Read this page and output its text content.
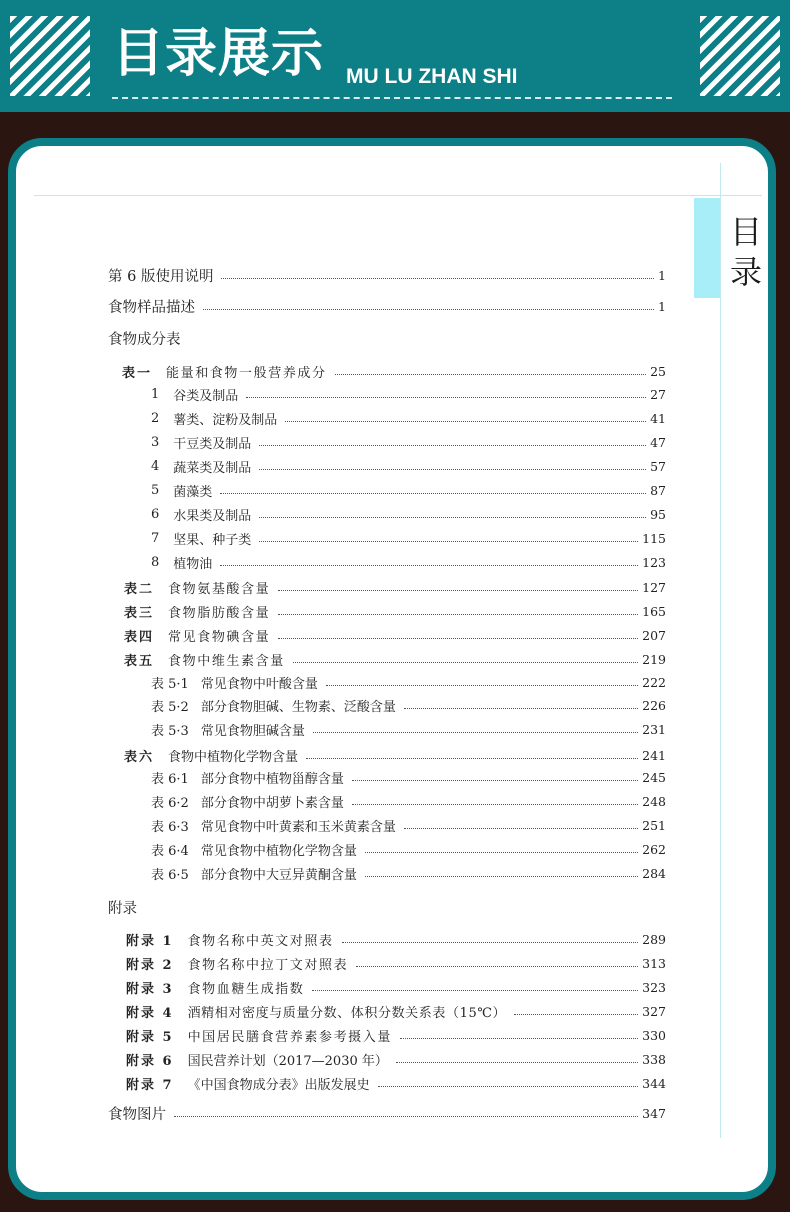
目录展示 MU LU ZHAN SHI
目
录
第 6 版使用说明	1
食物样品描述	1
食物成分表
表一 能量和食物一般营养成分	25
1 谷类及制品	27
2 薯类、淀粉及制品	41
3 干豆类及制品	47
4 蔬菜类及制品	57
5 菌藻类	87
6 水果类及制品	95
7 坚果、种子类	115
8 植物油	123
表二 食物氨基酸含量	127
表三 食物脂肪酸含量	165
表四 常见食物碘含量	207
表五 食物中维生素含量	219
表 5·1 常见食物中叶酸含量	222
表 5·2 部分食物胆碱、生物素、泛酸含量	226
表 5·3 常见食物胆碱含量	231
表六 食物中植物化学物含量	241
表 6·1 部分食物中植物甾醇含量	245
表 6·2 部分食物中胡萝卜素含量	248
表 6·3 常见食物中叶黄素和玉米黄素含量	251
表 6·4 常见食物中植物化学物含量	262
表 6·5 部分食物中大豆异黄酮含量	284
附录
附录 1 食物名称中英文对照表	289
附录 2 食物名称中拉丁文对照表	313
附录 3 食物血糖生成指数	323
附录 4 酒精相对密度与质量分数、体积分数关系表（15℃）	327
附录 5 中国居民膳食营养素参考摄入量	330
附录 6 国民营养计划（2017—2030 年）	338
附录 7 《中国食物成分表》出版发展史	344
食物图片	347
